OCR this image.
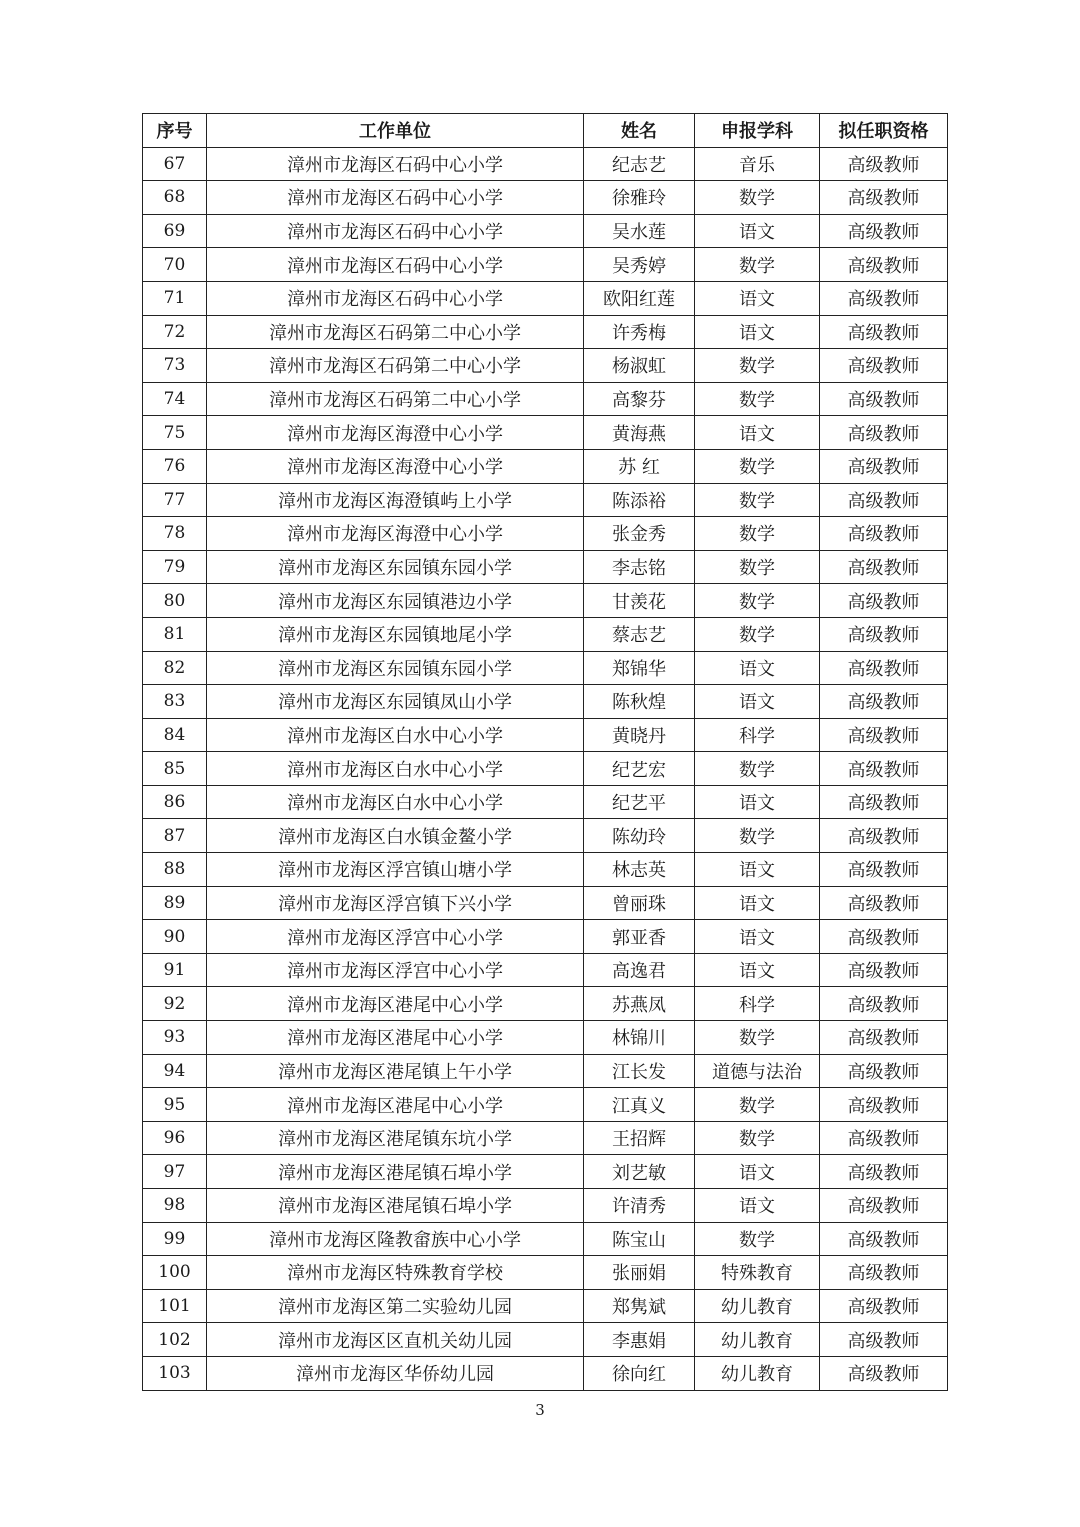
序号	工作单位	姓名	申报学科	拟任职资格
67	漳州市龙海区石码中心小学	纪志艺	音乐	高级教师
68	漳州市龙海区石码中心小学	徐雅玲	数学	高级教师
69	漳州市龙海区石码中心小学	吴水莲	语文	高级教师
70	漳州市龙海区石码中心小学	吴秀婷	数学	高级教师
71	漳州市龙海区石码中心小学	欧阳红莲	语文	高级教师
72	漳州市龙海区石码第二中心小学	许秀梅	语文	高级教师
73	漳州市龙海区石码第二中心小学	杨淑虹	数学	高级教师
74	漳州市龙海区石码第二中心小学	高黎芬	数学	高级教师
75	漳州市龙海区海澄中心小学	黄海燕	语文	高级教师
76	漳州市龙海区海澄中心小学	苏 红	数学	高级教师
77	漳州市龙海区海澄镇屿上小学	陈添裕	数学	高级教师
78	漳州市龙海区海澄中心小学	张金秀	数学	高级教师
79	漳州市龙海区东园镇东园小学	李志铭	数学	高级教师
80	漳州市龙海区东园镇港边小学	甘羡花	数学	高级教师
81	漳州市龙海区东园镇地尾小学	蔡志艺	数学	高级教师
82	漳州市龙海区东园镇东园小学	郑锦华	语文	高级教师
83	漳州市龙海区东园镇凤山小学	陈秋煌	语文	高级教师
84	漳州市龙海区白水中心小学	黄晓丹	科学	高级教师
85	漳州市龙海区白水中心小学	纪艺宏	数学	高级教师
86	漳州市龙海区白水中心小学	纪艺平	语文	高级教师
87	漳州市龙海区白水镇金鳌小学	陈幼玲	数学	高级教师
88	漳州市龙海区浮宫镇山塘小学	林志英	语文	高级教师
89	漳州市龙海区浮宫镇下兴小学	曾丽珠	语文	高级教师
90	漳州市龙海区浮宫中心小学	郭亚香	语文	高级教师
91	漳州市龙海区浮宫中心小学	高逸君	语文	高级教师
92	漳州市龙海区港尾中心小学	苏燕凤	科学	高级教师
93	漳州市龙海区港尾中心小学	林锦川	数学	高级教师
94	漳州市龙海区港尾镇上午小学	江长发	道德与法治	高级教师
95	漳州市龙海区港尾中心小学	江真义	数学	高级教师
96	漳州市龙海区港尾镇东坑小学	王招辉	数学	高级教师
97	漳州市龙海区港尾镇石埠小学	刘艺敏	语文	高级教师
98	漳州市龙海区港尾镇石埠小学	许清秀	语文	高级教师
99	漳州市龙海区隆教畲族中心小学	陈宝山	数学	高级教师
100	漳州市龙海区特殊教育学校	张丽娟	特殊教育	高级教师
101	漳州市龙海区第二实验幼儿园	郑隽斌	幼儿教育	高级教师
102	漳州市龙海区区直机关幼儿园	李惠娟	幼儿教育	高级教师
103	漳州市龙海区华侨幼儿园	徐向红	幼儿教育	高级教师
3
